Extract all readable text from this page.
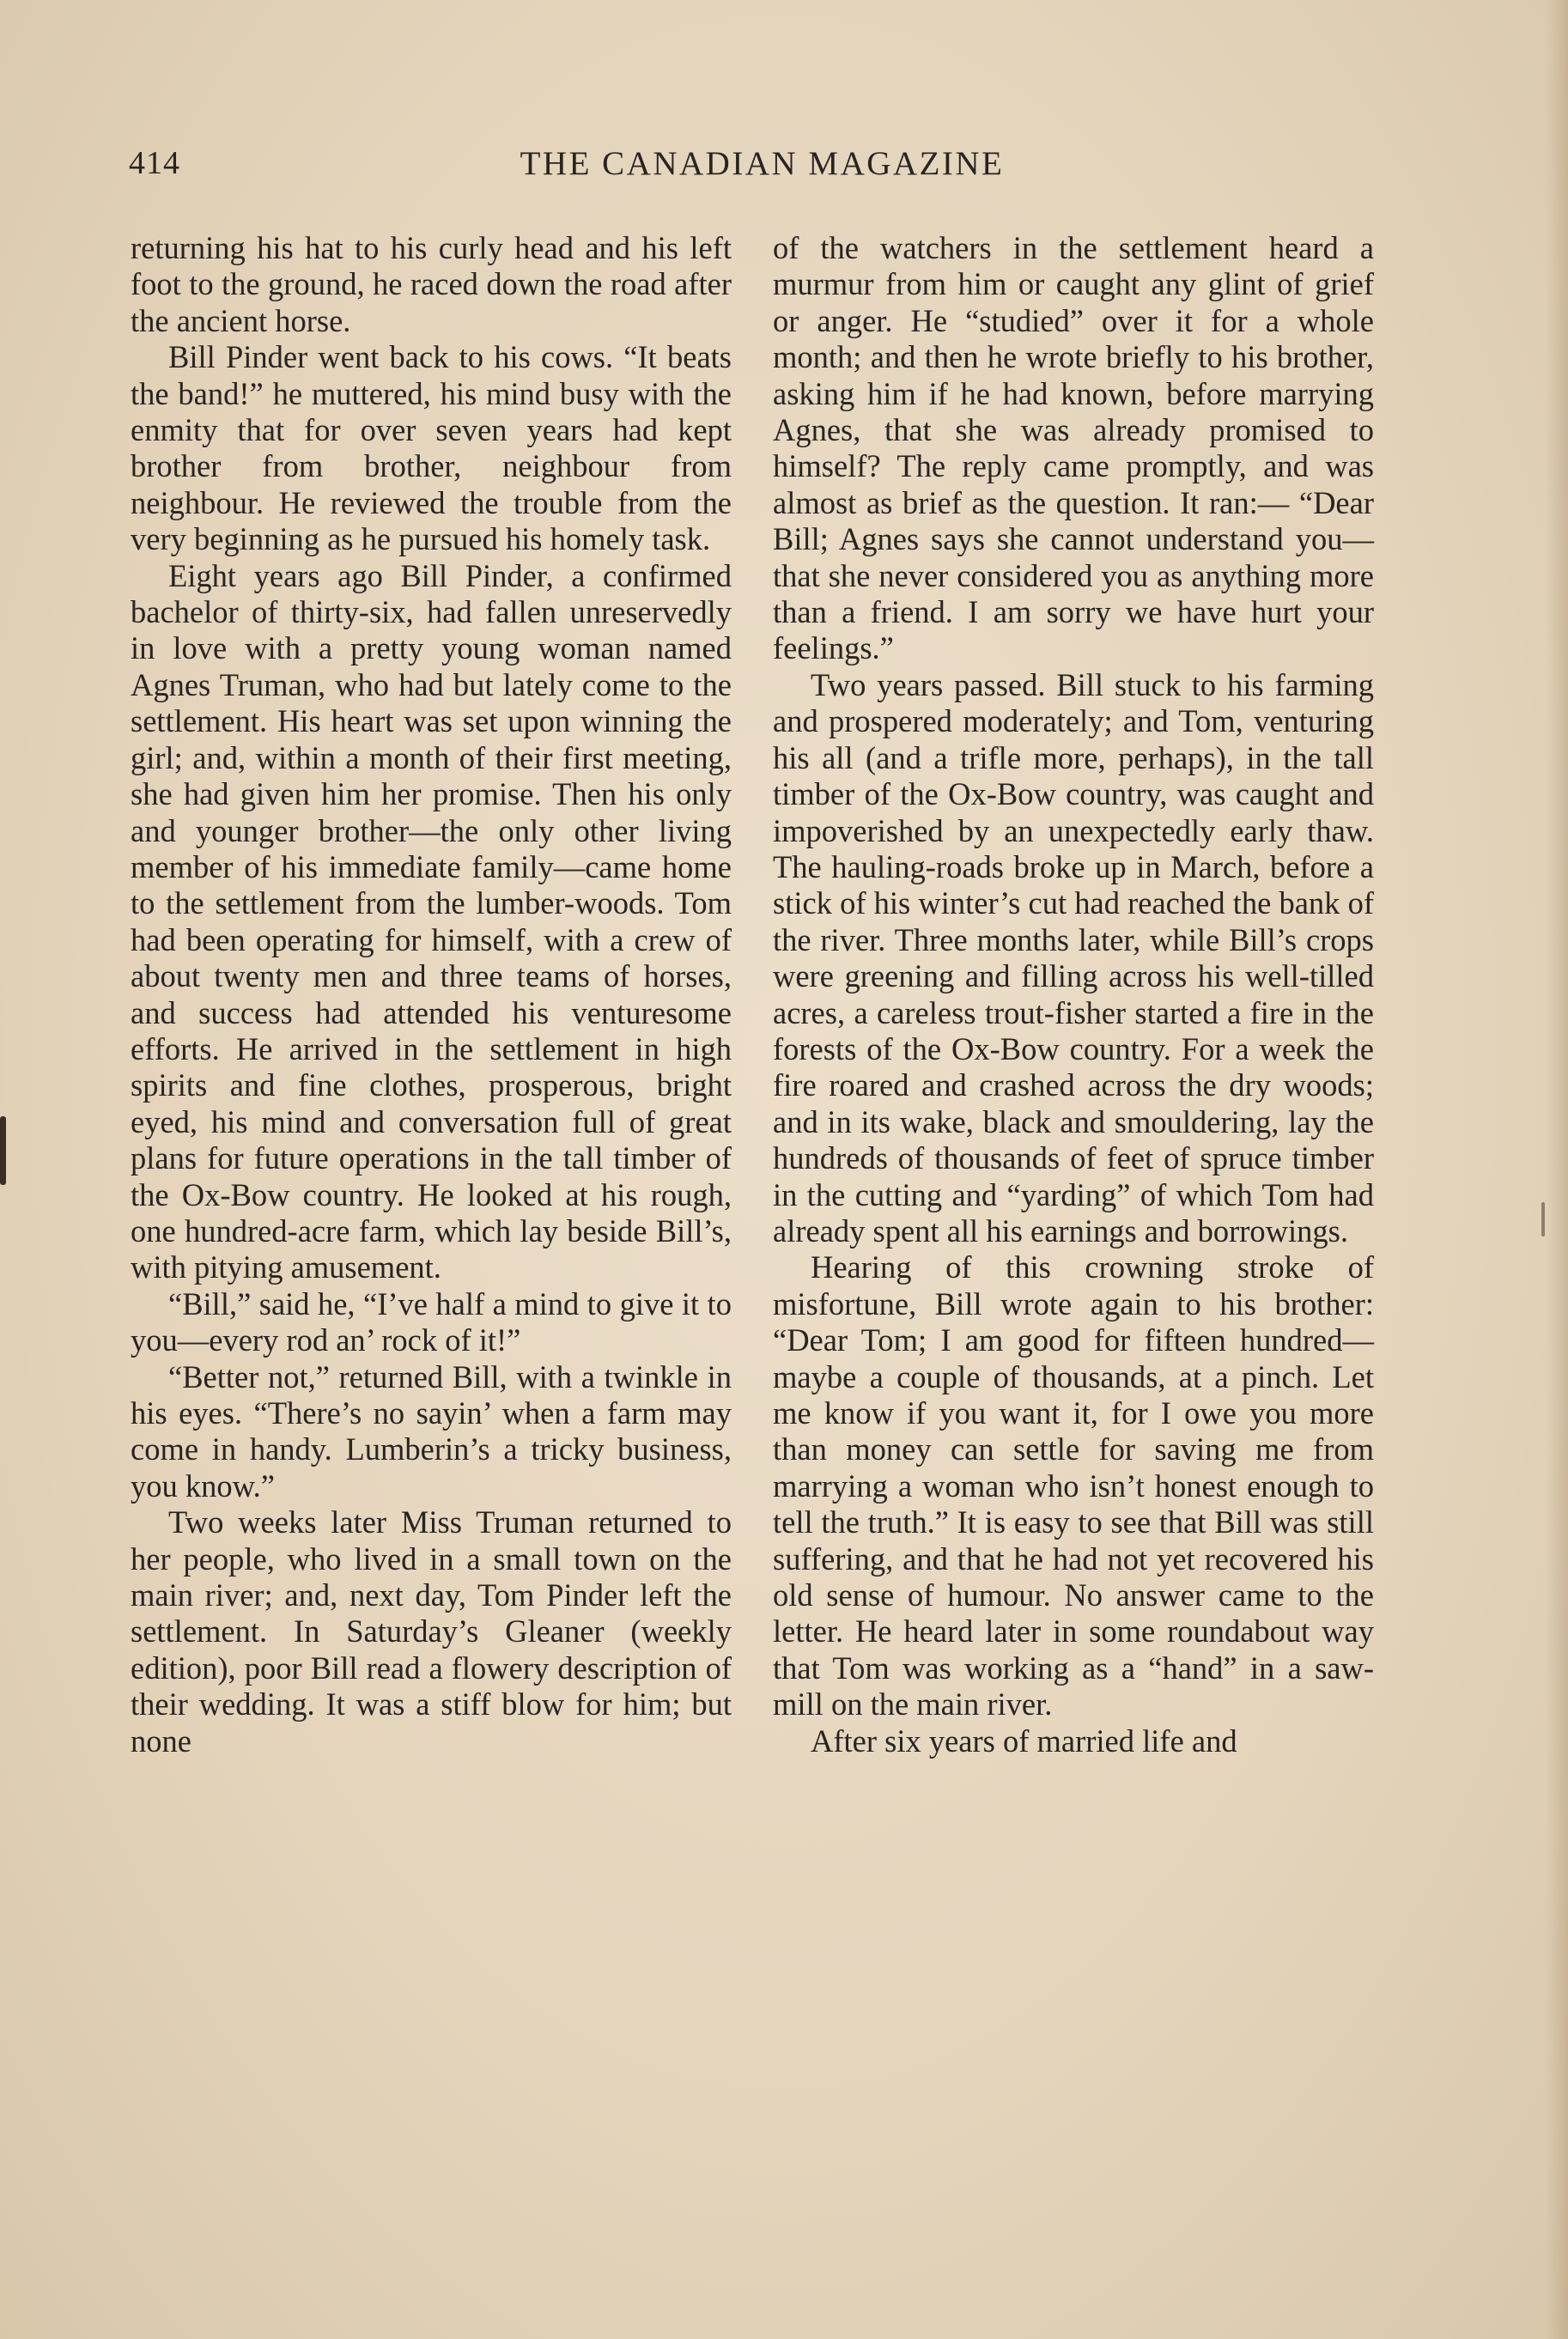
414	THE CANADIAN MAGAZINE

returning his hat to his curly head and his left foot to the ground, he raced down the road after the ancient horse.

Bill Pinder went back to his cows. “It beats the band!” he muttered, his mind busy with the enmity that for over seven years had kept brother from brother, neighbour from neighbour. He reviewed the trouble from the very beginning as he pursued his homely task.

Eight years ago Bill Pinder, a confirmed bachelor of thirty-six, had fallen unreservedly in love with a pretty young woman named Agnes Truman, who had but lately come to the settlement. His heart was set upon winning the girl; and, within a month of their first meeting, she had given him her promise. Then his only and younger brother—the only other living member of his immediate family—came home to the settlement from the lumber-woods. Tom had been operating for himself, with a crew of about twenty men and three teams of horses, and success had attended his venturesome efforts. He arrived in the settlement in high spirits and fine clothes, prosperous, bright eyed, his mind and conversation full of great plans for future operations in the tall timber of the Ox-Bow country. He looked at his rough, one hundred-acre farm, which lay beside Bill’s, with pitying amusement.

“Bill,” said he, “I’ve half a mind to give it to you—every rod an’ rock of it!”

“Better not,” returned Bill, with a twinkle in his eyes. “There’s no sayin’ when a farm may come in handy. Lumberin’s a tricky business, you know.”

Two weeks later Miss Truman returned to her people, who lived in a small town on the main river; and, next day, Tom Pinder left the settlement. In Saturday’s Gleaner (weekly edition), poor Bill read a flowery description of their wedding. It was a stiff blow for him; but none

of the watchers in the settlement heard a murmur from him or caught any glint of grief or anger. He “studied” over it for a whole month; and then he wrote briefly to his brother, asking him if he had known, before marrying Agnes, that she was already promised to himself? The reply came promptly, and was almost as brief as the question. It ran:— “Dear Bill; Agnes says she cannot understand you—that she never considered you as anything more than a friend. I am sorry we have hurt your feelings.”

Two years passed. Bill stuck to his farming and prospered moderately; and Tom, venturing his all (and a trifle more, perhaps), in the tall timber of the Ox-Bow country, was caught and impoverished by an unexpectedly early thaw. The hauling-roads broke up in March, before a stick of his winter’s cut had reached the bank of the river. Three months later, while Bill’s crops were greening and filling across his well-tilled acres, a careless trout-fisher started a fire in the forests of the Ox-Bow country. For a week the fire roared and crashed across the dry woods; and in its wake, black and smouldering, lay the hundreds of thousands of feet of spruce timber in the cutting and “yarding” of which Tom had already spent all his earnings and borrowings.

Hearing of this crowning stroke of misfortune, Bill wrote again to his brother: “Dear Tom; I am good for fifteen hundred—maybe a couple of thousands, at a pinch. Let me know if you want it, for I owe you more than money can settle for saving me from marrying a woman who isn’t honest enough to tell the truth.” It is easy to see that Bill was still suffering, and that he had not yet recovered his old sense of humour. No answer came to the letter. He heard later in some roundabout way that Tom was working as a “hand” in a saw-mill on the main river.

After six years of married life and
